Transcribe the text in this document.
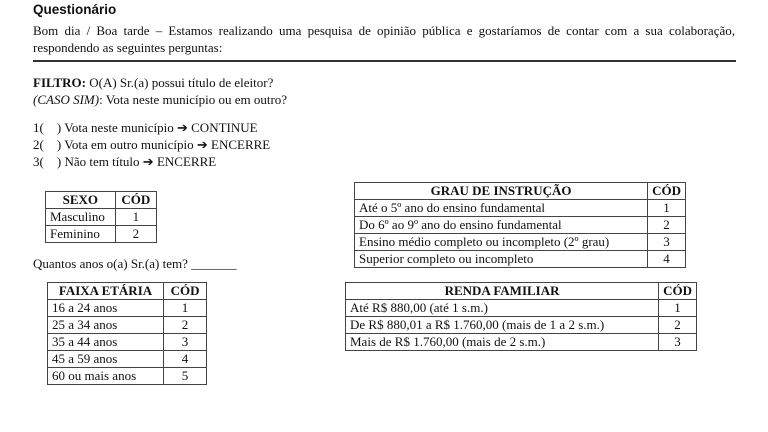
Questionário
Bom dia / Boa tarde – Estamos realizando uma pesquisa de opinião pública e gostaríamos de contar com a sua colaboração, respondendo as seguintes perguntas:
FILTRO: O(A) Sr.(a) possui título de eleitor?
(CASO SIM): Vota neste município ou em outro?
1(    ) Vota neste município ➔ CONTINUE
2(    ) Vota em outro município ➔ ENCERRE
3(    ) Não tem título ➔ ENCERRE
SEXO	CÓD
Masculino	1
Feminino	2
Quantos anos o(a) Sr.(a) tem? _______
FAIXA ETÁRIA	CÓD
16 a 24 anos	1
25 a 34 anos	2
35 a 44 anos	3
45 a 59 anos	4
60 ou mais anos	5
GRAU DE INSTRUÇÃO	CÓD
Até o 5º ano do ensino fundamental	1
Do 6º ao 9º ano do ensino fundamental	2
Ensino médio completo ou incompleto (2º grau)	3
Superior completo ou incompleto	4
RENDA FAMILIAR	CÓD
Até R$ 880,00 (até 1 s.m.)	1
De R$ 880,01 a R$ 1.760,00 (mais de 1 a 2 s.m.)	2
Mais de R$ 1.760,00 (mais de 2 s.m.)	3
